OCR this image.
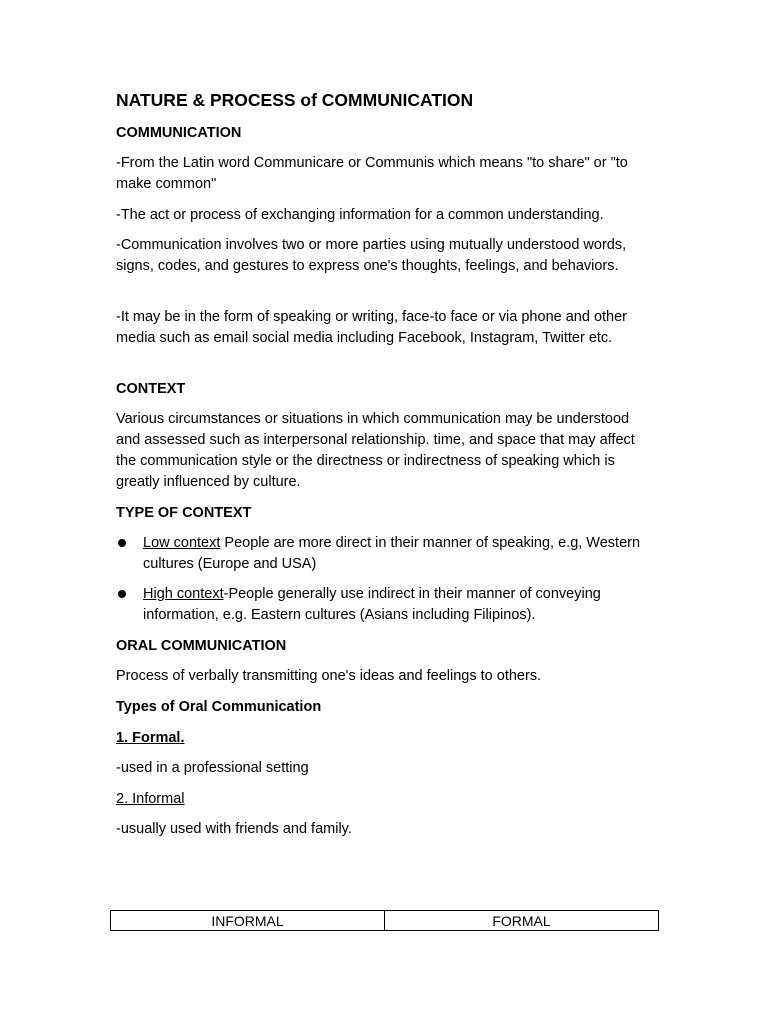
NATURE & PROCESS of COMMUNICATION
COMMUNICATION
-From the Latin word Communicare or Communis which means "to share" or "to make common"
-The act or process of exchanging information for a common understanding.
-Communication involves two or more parties using mutually understood words, signs, codes, and gestures to express one's thoughts, feelings, and behaviors.
-It may be in the form of speaking or writing, face-to face or via phone and other media such as email social media including Facebook, Instagram, Twitter etc.
CONTEXT
Various circumstances or situations in which communication may be understood and assessed such as interpersonal relationship. time, and space that may affect the communication style or the directness or indirectness of speaking which is greatly influenced by culture.
TYPE OF CONTEXT
Low context People are more direct in their manner of speaking, e.g, Western cultures (Europe and USA)
High context-People generally use indirect in their manner of conveying information, e.g. Eastern cultures (Asians including Filipinos).
ORAL COMMUNICATION
Process of verbally transmitting one's ideas and feelings to others.
Types of Oral Communication
1. Formal.
-used in a professional setting
2. Informal
-usually used with friends and family.
INFORMAL	FORMAL
